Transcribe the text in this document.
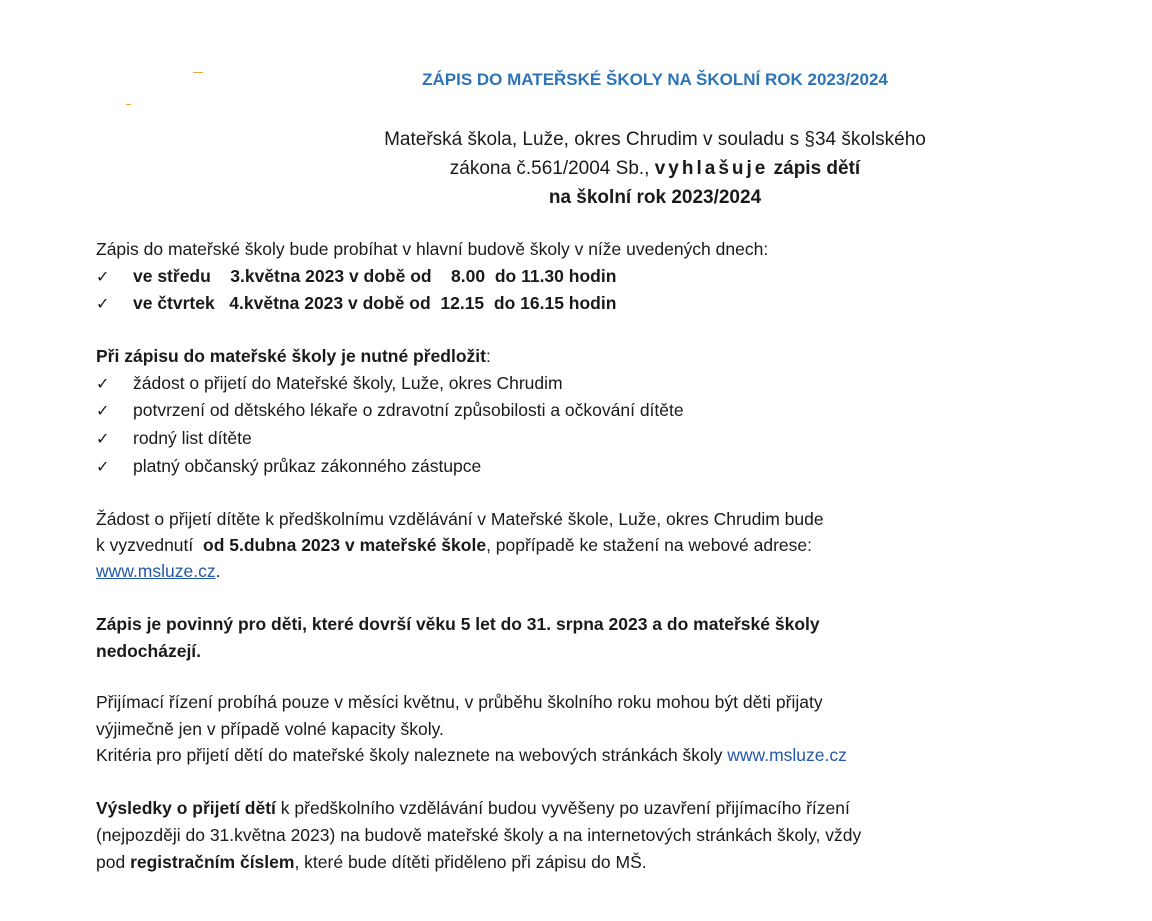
ZÁPIS DO MATEŘSKÉ ŠKOLY NA ŠKOLNÍ ROK 2023/2024
Mateřská škola, Luže, okres Chrudim v souladu s §34 školského
zákona č.561/2004 Sb., vyhlašuje zápis dětí
na školní rok 2023/2024
Zápis do mateřské školy bude probíhat v hlavní budově školy v níže uvedených dnech:
✓ ve středu    3.května 2023 v době od    8.00  do 11.30 hodin
✓ ve čtvrtek   4.května 2023 v době od  12.15  do 16.15 hodin
Při zápisu do mateřské školy je nutné předložit:
✓ žádost o přijetí do Mateřské školy, Luže, okres Chrudim
✓ potvrzení od dětského lékaře o zdravotní způsobilosti a očkování dítěte
✓ rodný list dítěte
✓ platný občanský průkaz zákonného zástupce
Žádost o přijetí dítěte k předškolnímu vzdělávání v Mateřské škole, Luže, okres Chrudim bude
k vyzvednutí  od 5.dubna 2023 v mateřské škole, popřípadě ke stažení na webové adrese:
www.msluze.cz.
Zápis je povinný pro děti, které dovrší věku 5 let do 31. srpna 2023 a do mateřské školy
nedocházejí.
Přijímací řízení probíhá pouze v měsíci květnu, v průběhu školního roku mohou být děti přijaty
výjimečně jen v případě volné kapacity školy.
Kritéria pro přijetí dětí do mateřské školy naleznete na webových stránkách školy www.msluze.cz
Výsledky o přijetí dětí k předškolního vzdělávání budou vyvěšeny po uzavření přijímacího řízení
(nejpozději do 31.května 2023) na budově mateřské školy a na internetových stránkách školy, vždy
pod registračním číslem, které bude dítěti přiděleno při zápisu do MŠ.
